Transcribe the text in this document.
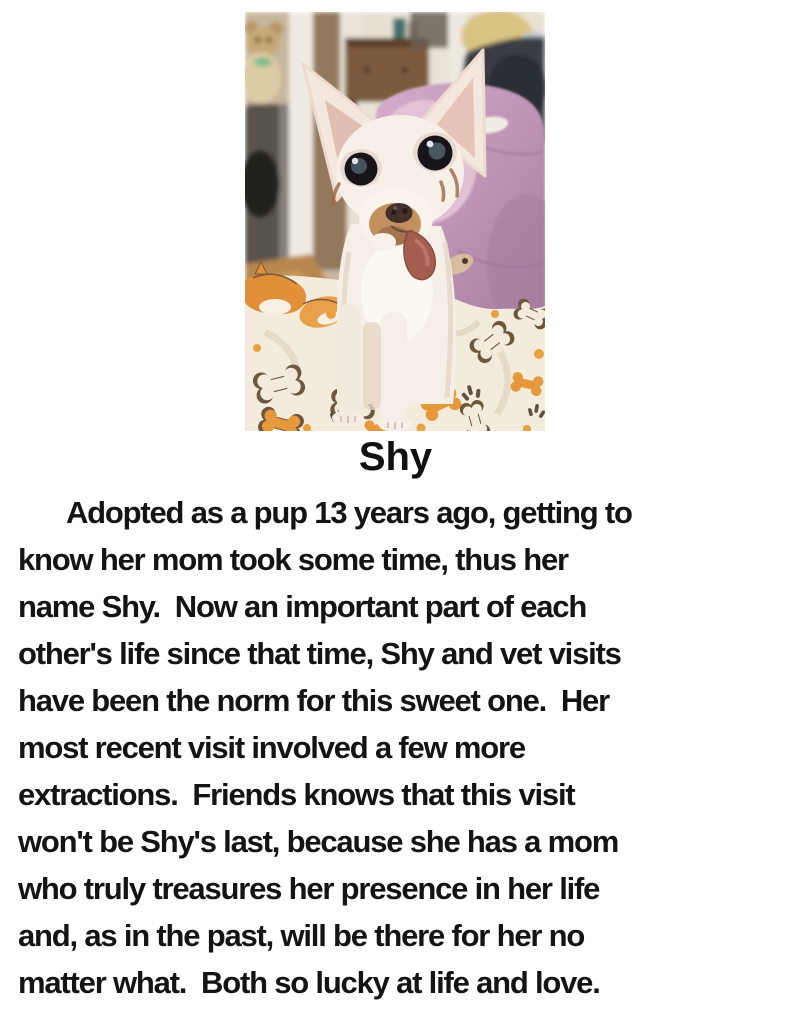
Shy
Adopted as a pup 13 years ago, getting to
know her mom took some time, thus her
name Shy.  Now an important part of each
other's life since that time, Shy and vet visits
have been the norm for this sweet one.  Her
most recent visit involved a few more
extractions.  Friends knows that this visit
won't be Shy's last, because she has a mom
who truly treasures her presence in her life
and, as in the past, will be there for her no
matter what.  Both so lucky at life and love.
